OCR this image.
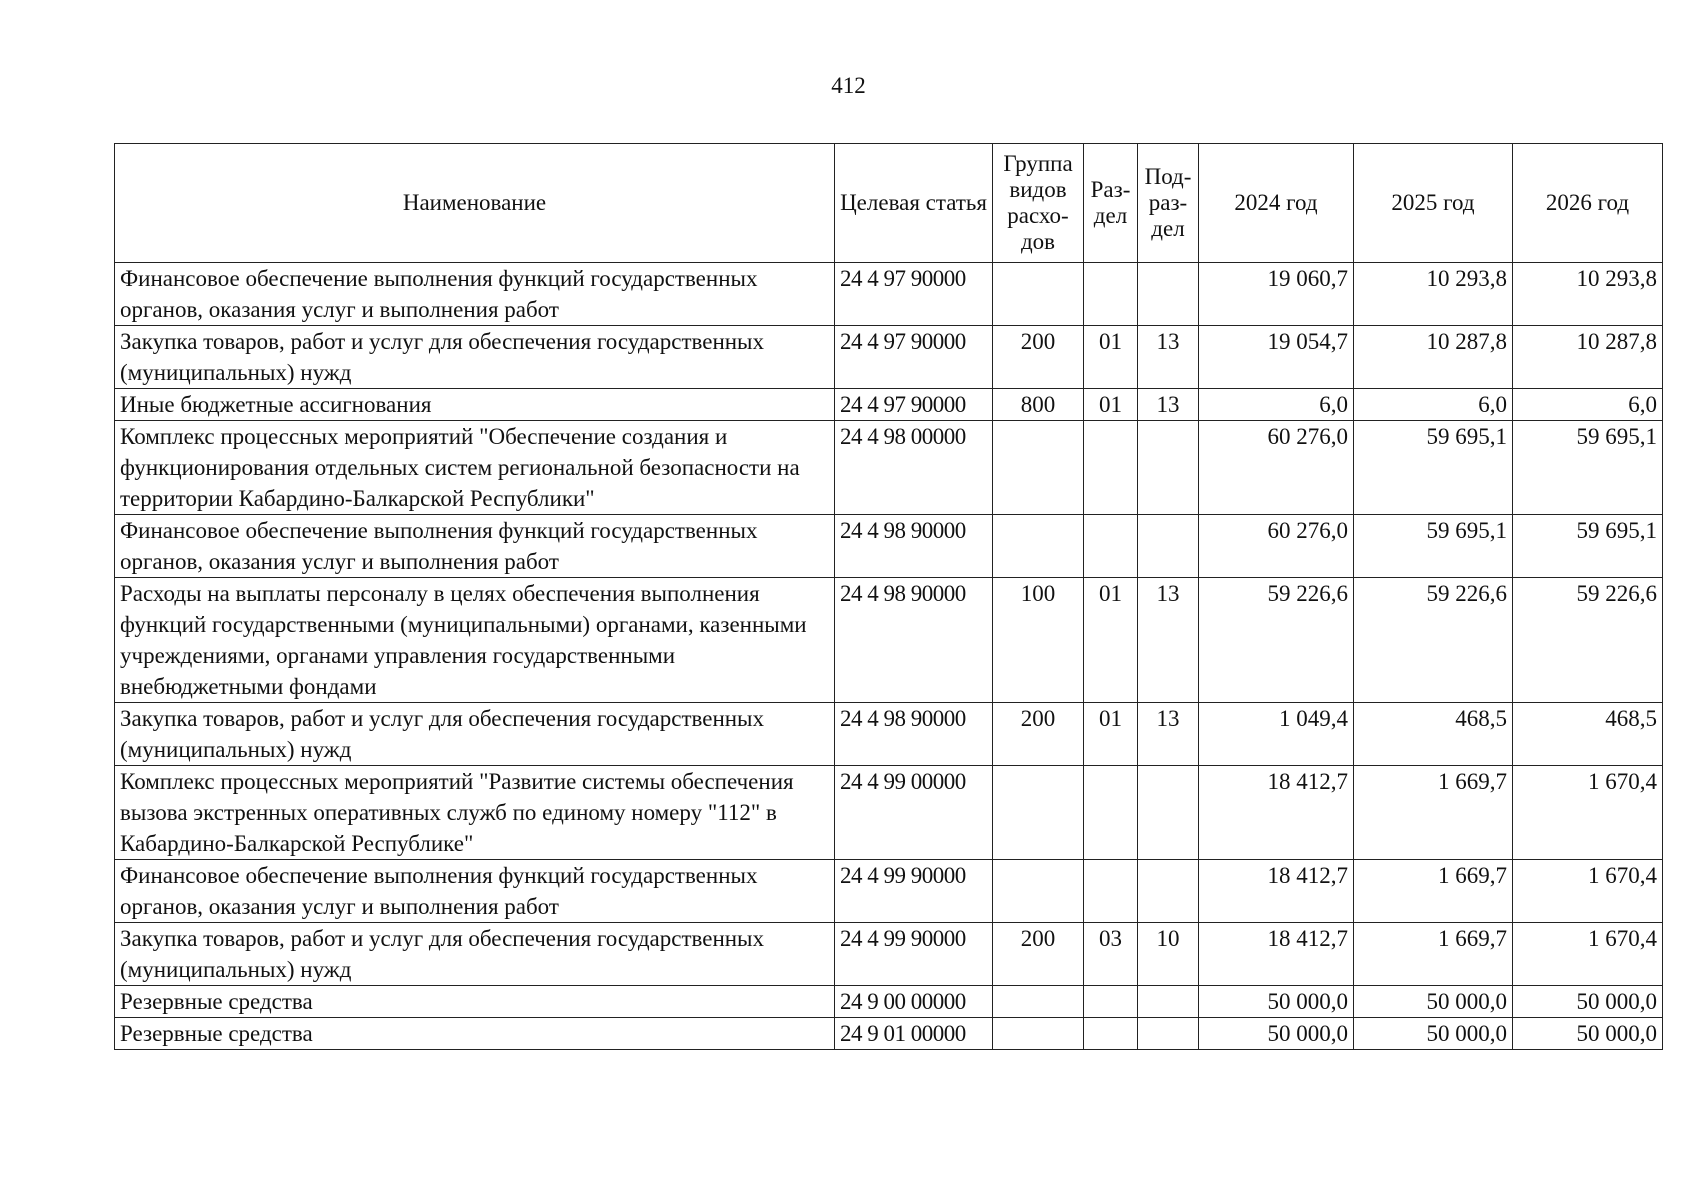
412
Наименование	Целевая статья	Группа видов расхо- дов	Раз- дел	Под- раз- дел	2024 год	2025 год	2026 год
Финансовое обеспечение выполнения функций государственных органов, оказания услуг и выполнения работ	24 4 97 90000				19 060,7	10 293,8	10 293,8
Закупка товаров, работ и услуг для обеспечения государственных (муниципальных) нужд	24 4 97 90000	200	01	13	19 054,7	10 287,8	10 287,8
Иные бюджетные ассигнования	24 4 97 90000	800	01	13	6,0	6,0	6,0
Комплекс процессных мероприятий "Обеспечение создания и функционирования отдельных систем региональной безопасности на территории Кабардино-Балкарской Республики"	24 4 98 00000				60 276,0	59 695,1	59 695,1
Финансовое обеспечение выполнения функций государственных органов, оказания услуг и выполнения работ	24 4 98 90000				60 276,0	59 695,1	59 695,1
Расходы на выплаты персоналу в целях обеспечения выполнения функций государственными (муниципальными) органами, казенными учреждениями, органами управления государственными внебюджетными фондами	24 4 98 90000	100	01	13	59 226,6	59 226,6	59 226,6
Закупка товаров, работ и услуг для обеспечения государственных (муниципальных) нужд	24 4 98 90000	200	01	13	1 049,4	468,5	468,5
Комплекс процессных мероприятий "Развитие системы обеспечения вызова экстренных оперативных служб по единому номеру "112" в Кабардино-Балкарской Республике"	24 4 99 00000				18 412,7	1 669,7	1 670,4
Финансовое обеспечение выполнения функций государственных органов, оказания услуг и выполнения работ	24 4 99 90000				18 412,7	1 669,7	1 670,4
Закупка товаров, работ и услуг для обеспечения государственных (муниципальных) нужд	24 4 99 90000	200	03	10	18 412,7	1 669,7	1 670,4
Резервные средства	24 9 00 00000				50 000,0	50 000,0	50 000,0
Резервные средства	24 9 01 00000				50 000,0	50 000,0	50 000,0
